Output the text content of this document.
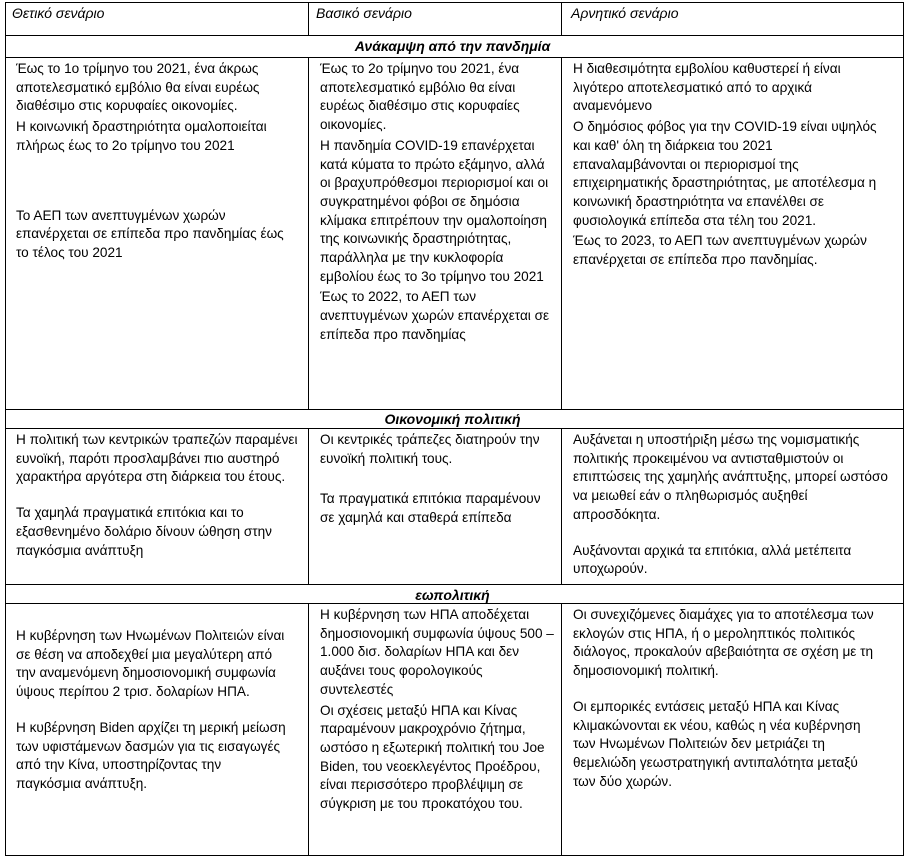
Θετικό σενάριο	Βασικό σενάριο	Αρνητικό σενάριο
Ανάκαμψη από την πανδημία

Έως το 1ο τρίμηνο του 2021, ένα άκρως αποτελεσματικό εμβόλιο θα είναι ευρέως διαθέσιμο στις κορυφαίες οικονομίες.

Η κοινωνική δραστηριότητα ομαλοποιείται πλήρως έως το 2ο τρίμηνο του 2021

Το ΑΕΠ των ανεπτυγμένων χωρών επανέρχεται σε επίπεδα προ πανδημίας έως το τέλος του 2021

Έως το 2ο τρίμηνο του 2021, ένα αποτελεσματικό εμβόλιο θα είναι ευρέως διαθέσιμο στις κορυφαίες οικονομίες.

Η πανδημία COVID-19 επανέρχεται κατά κύματα το πρώτο εξάμηνο, αλλά οι βραχυπρόθεσμοι περιορισμοί και οι συγκρατημένοι φόβοι σε δημόσια κλίμακα επιτρέπουν την ομαλοποίηση της κοινωνικής δραστηριότητας, παράλληλα με την κυκλοφορία εμβολίου έως το 3ο τρίμηνο του 2021

Έως το 2022, το ΑΕΠ των ανεπτυγμένων χωρών επανέρχεται σε επίπεδα προ πανδημίας

Η διαθεσιμότητα εμβολίου καθυστερεί ή είναι λιγότερο αποτελεσματικό από το αρχικά αναμενόμενο

Ο δημόσιος φόβος για την COVID-19 είναι υψηλός και καθ' όλη τη διάρκεια του 2021 επαναλαμβάνονται οι περιορισμοί της επιχειρηματικής δραστηριότητας, με αποτέλεσμα η κοινωνική δραστηριότητα να επανέλθει σε φυσιολογικά επίπεδα στα τέλη του 2021.

Έως το 2023, το ΑΕΠ των ανεπτυγμένων χωρών επανέρχεται σε επίπεδα προ πανδημίας.

Οικονομική πολιτική

Η πολιτική των κεντρικών τραπεζών παραμένει ευνοϊκή, παρότι προσλαμβάνει πιο αυστηρό χαρακτήρα αργότερα στη διάρκεια του έτους.

Τα χαμηλά πραγματικά επιτόκια και το εξασθενημένο δολάριο δίνουν ώθηση στην παγκόσμια ανάπτυξη

Οι κεντρικές τράπεζες διατηρούν την ευνοϊκή πολιτική τους.

Τα πραγματικά επιτόκια παραμένουν σε χαμηλά και σταθερά επίπεδα

Αυξάνεται η υποστήριξη μέσω της νομισματικής πολιτικής προκειμένου να αντισταθμιστούν οι επιπτώσεις της χαμηλής ανάπτυξης, μπορεί ωστόσο να μειωθεί εάν ο πληθωρισμός αυξηθεί απροσδόκητα.

Αυξάνονται αρχικά τα επιτόκια, αλλά μετέπειτα υποχωρούν.

εωπολιτική

Η κυβέρνηση των Ηνωμένων Πολιτειών είναι σε θέση να αποδεχθεί μια μεγαλύτερη από την αναμενόμενη δημοσιονομική συμφωνία ύψους περίπου 2 τρισ. δολαρίων ΗΠΑ.

Η κυβέρνηση Biden αρχίζει τη μερική μείωση των υφιστάμενων δασμών για τις εισαγωγές από την Κίνα, υποστηρίζοντας την παγκόσμια ανάπτυξη.

Η κυβέρνηση των ΗΠΑ αποδέχεται δημοσιονομική συμφωνία ύψους 500 – 1.000 δισ. δολαρίων ΗΠΑ και δεν αυξάνει τους φορολογικούς συντελεστές

Οι σχέσεις μεταξύ ΗΠΑ και Κίνας παραμένουν μακροχρόνιο ζήτημα, ωστόσο η εξωτερική πολιτική του Joe Biden, του νεοεκλεγέντος Προέδρου, είναι περισσότερο προβλέψιμη σε σύγκριση με του προκατόχου του.

Οι συνεχιζόμενες διαμάχες για το αποτέλεσμα των εκλογών στις ΗΠΑ, ή ο μεροληπτικός πολιτικός διάλογος, προκαλούν αβεβαιότητα σε σχέση με τη δημοσιονομική πολιτική.

Οι εμπορικές εντάσεις μεταξύ ΗΠΑ και Κίνας κλιμακώνονται εκ νέου, καθώς η νέα κυβέρνηση των Ηνωμένων Πολιτειών δεν μετριάζει τη θεμελιώδη γεωστρατηγική αντιπαλότητα μεταξύ των δύο χωρών.
